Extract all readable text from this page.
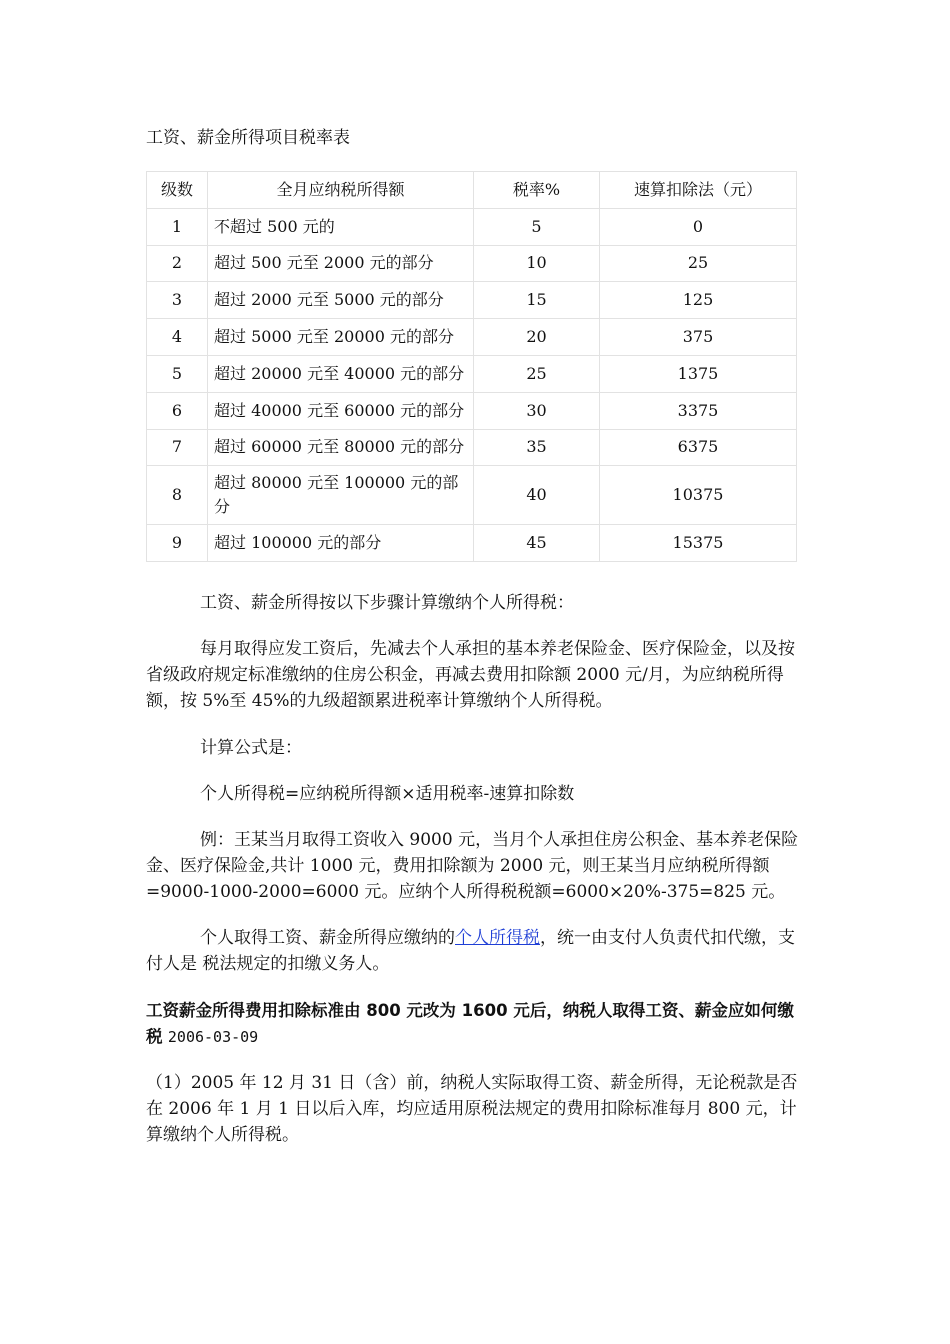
工资、薪金所得项目税率表
级数	全月应纳税所得额	税率%	速算扣除法（元）
1	不超过 500 元的	5	0
2	超过 500 元至 2000 元的部分	10	25
3	超过 2000 元至 5000 元的部分	15	125
4	超过 5000 元至 20000 元的部分	20	375
5	超过 20000 元至 40000 元的部分	25	1375
6	超过 40000 元至 60000 元的部分	30	3375
7	超过 60000 元至 80000 元的部分	35	6375
8	超过 80000 元至 100000 元的部分	40	10375
9	超过 100000 元的部分	45	15375

工资、薪金所得按以下步骤计算缴纳个人所得税：

每月取得应发工资后，先减去个人承担的基本养老保险金、医疗保险金，以及按省级政府规定标准缴纳的住房公积金，再减去费用扣除额 2000 元/月，为应纳税所得额，按 5%至 45%的九级超额累进税率计算缴纳个人所得税。

计算公式是：

个人所得税=应纳税所得额×适用税率-速算扣除数

例：王某当月取得工资收入 9000 元，当月个人承担住房公积金、基本养老保险金、医疗保险金,共计 1000 元，费用扣除额为 2000 元，则王某当月应纳税所得额=9000-1000-2000=6000 元。应纳个人所得税税额=6000×20%-375=825 元。

个人取得工资、薪金所得应缴纳的个人所得税，统一由支付人负责代扣代缴，支付人是 税法规定的扣缴义务人。

工资薪金所得费用扣除标准由 800 元改为 1600 元后，纳税人取得工资、薪金应如何缴税 2006-03-09

（1）2005 年 12 月 31 日（含）前，纳税人实际取得工资、薪金所得，无论税款是否在 2006 年 1 月 1 日以后入库，均应适用原税法规定的费用扣除标准每月 800 元，计算缴纳个人所得税。
